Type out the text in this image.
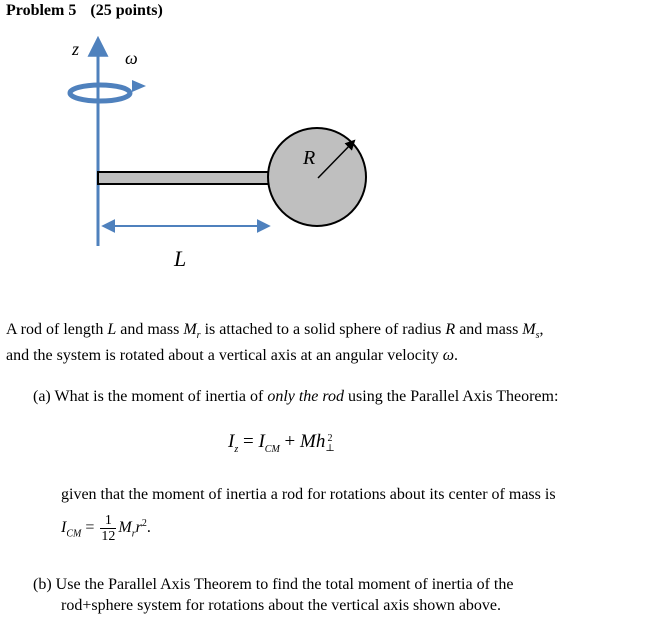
Problem 5 (25 points)
z	ω
R
L
A rod of length L and mass $M_r$ is attached to a solid sphere of radius R and mass $M_s$,
and the system is rotated about a vertical axis at an angular velocity ω.
(a) What is the moment of inertia of only the rod using the Parallel Axis Theorem:
$I_z = I_{CM} + Mh$ 2
⊥
given that the moment of inertia a rod for rotations about its center of mass is
$I_{CM} = \frac{1}{12} M_rr^2$.
(b) Use the Parallel Axis Theorem to find the total moment of inertia of the
rod+sphere system for rotations about the vertical axis shown above.
